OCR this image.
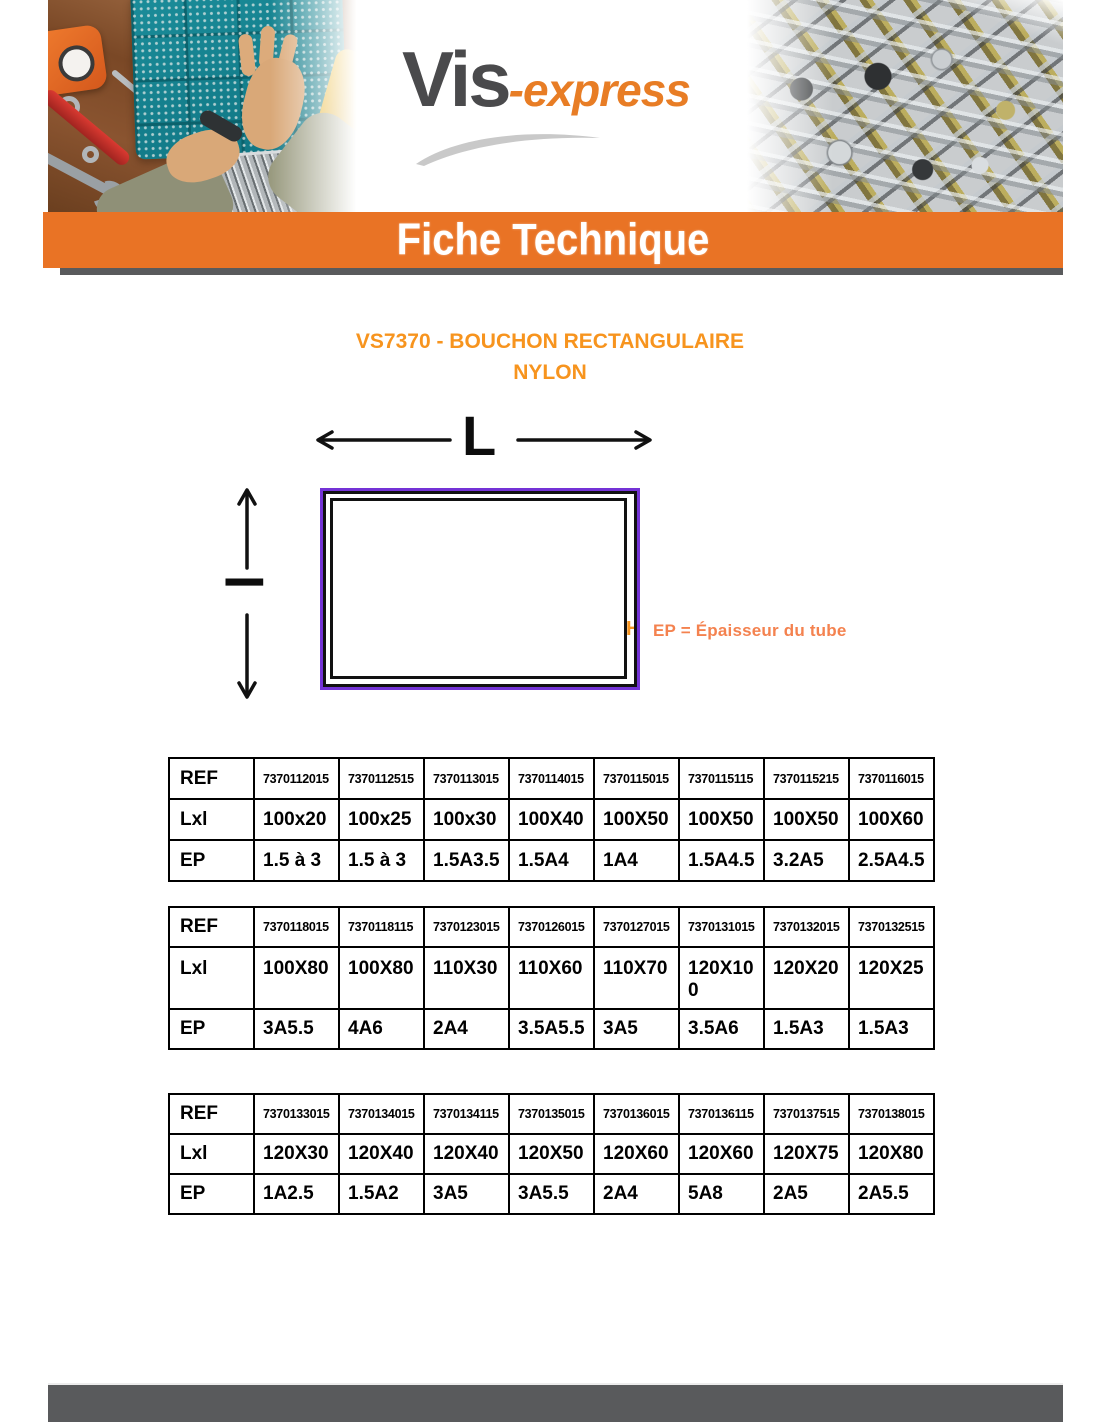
Vis -express
Fiche Technique
VS7370 - BOUCHON RECTANGULAIRE
NYLON
L
l
H EP = Épaisseur du tube
REF	7370112015	7370112515	7370113015	7370114015	7370115015	7370115115	7370115215	7370116015
Lxl	100x20	100x25	100x30	100X40	100X50	100X50	100X50	100X60
EP	1.5 à 3	1.5 à 3	1.5A3.5	1.5A4	1A4	1.5A4.5	3.2A5	2.5A4.5
REF	7370118015	7370118115	7370123015	7370126015	7370127015	7370131015	7370132015	7370132515
Lxl	100X80	100X80	110X30	110X60	110X70	120X100	120X20	120X25
EP	3A5.5	4A6	2A4	3.5A5.5	3A5	3.5A6	1.5A3	1.5A3
REF	7370133015	7370134015	7370134115	7370135015	7370136015	7370136115	7370137515	7370138015
Lxl	120X30	120X40	120X40	120X50	120X60	120X60	120X75	120X80
EP	1A2.5	1.5A2	3A5	3A5.5	2A4	5A8	2A5	2A5.5
